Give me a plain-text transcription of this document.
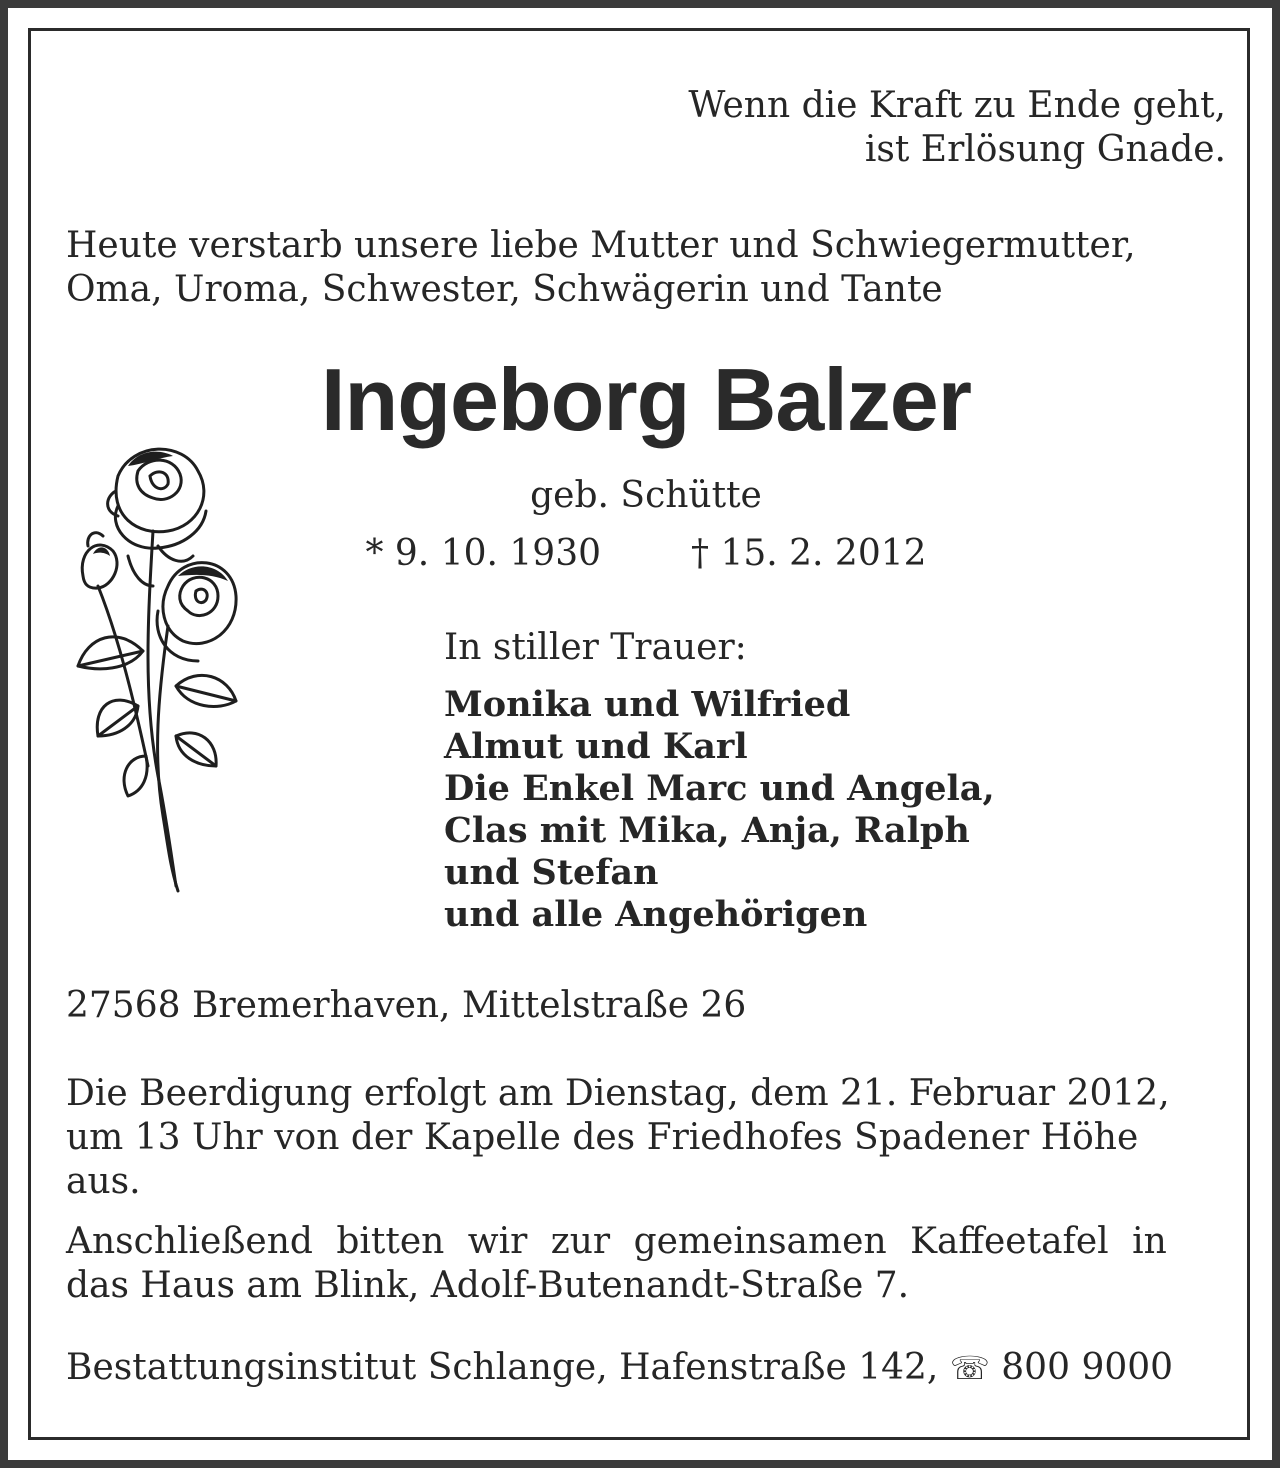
Wenn die Kraft zu Ende geht,

ist Erlösung Gnade.

Heute verstarb unsere liebe Mutter und Schwiegermutter,

Oma, Uroma, Schwester, Schwägerin und Tante

Ingeborg Balzer

geb. Schütte

* 9. 10. 1930	† 15. 2. 2012

In stiller Trauer:

Monika und Wilfried

Almut und Karl

Die Enkel Marc und Angela,

Clas mit Mika, Anja, Ralph

und Stefan

und alle Angehörigen

27568 Bremerhaven, Mittelstraße 26

Die Beerdigung erfolgt am Dienstag, dem 21. Februar 2012,

um 13 Uhr von der Kapelle des Friedhofes Spadener Höhe

aus.

Anschließend bitten wir zur gemeinsamen Kaffeetafel in

das Haus am Blink, Adolf-Butenandt-Straße 7.

Bestattungsinstitut Schlange, Hafenstraße 142, ☏ 800 9000
